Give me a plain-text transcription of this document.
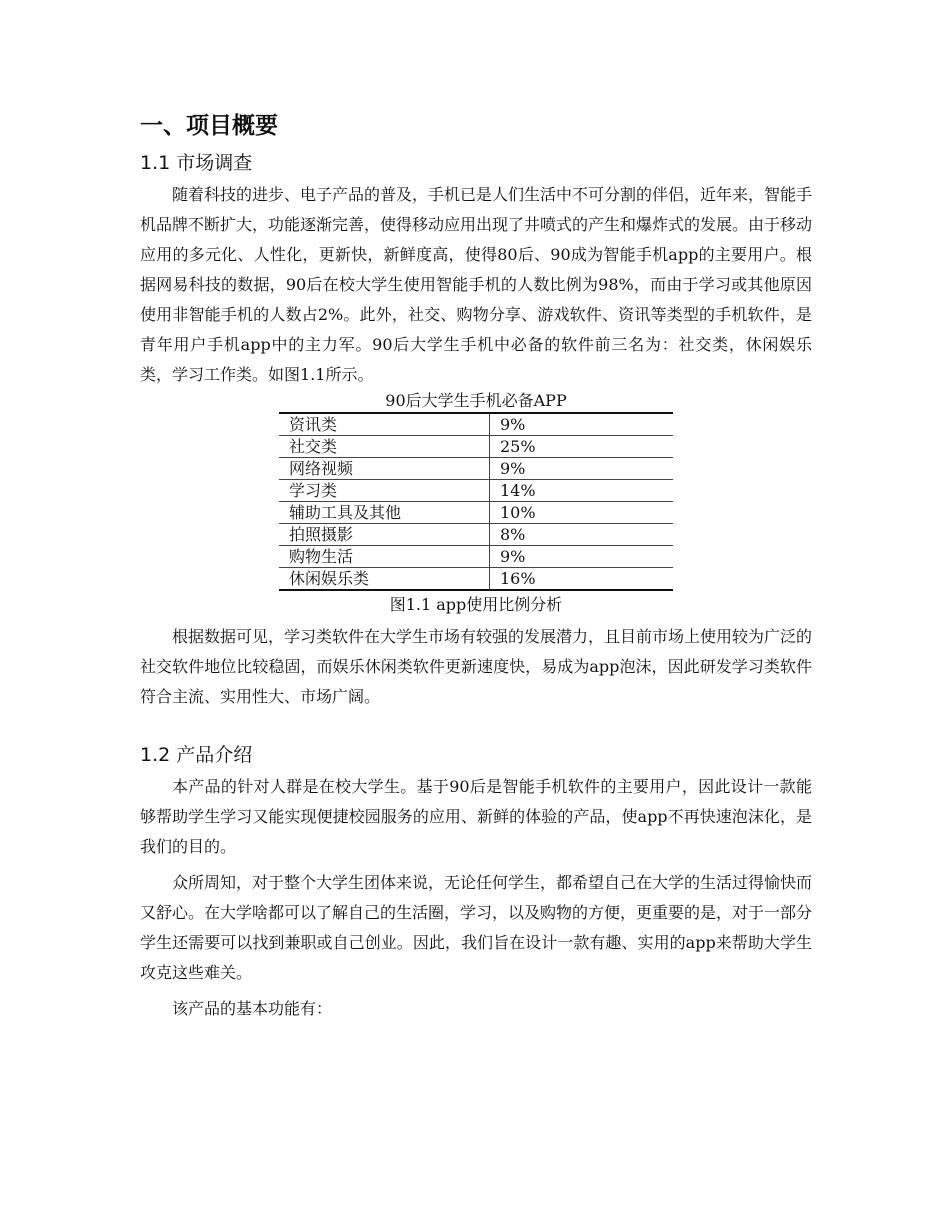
一、项目概要
1.1 市场调查

随着科技的进步、电子产品的普及，手机已是人们生活中不可分割的伴侣，近年来，智能手机品牌不断扩大，功能逐渐完善，使得移动应用出现了井喷式的产生和爆炸式的发展。由于移动应用的多元化、人性化，更新快，新鲜度高，使得80后、90成为智能手机app的主要用户。根据网易科技的数据，90后在校大学生使用智能手机的人数比例为98%，而由于学习或其他原因使用非智能手机的人数占2%。此外，社交、购物分享、游戏软件、资讯等类型的手机软件，是青年用户手机app中的主力军。90后大学生手机中必备的软件前三名为：社交类，休闲娱乐类，学习工作类。如图1.1所示。

90后大学生手机必备APP
资讯类	9%
社交类	25%
网络视频	9%
学习类	14%
辅助工具及其他	10%
拍照摄影	8%
购物生活	9%
休闲娱乐类	16%
图1.1 app使用比例分析

根据数据可见，学习类软件在大学生市场有较强的发展潜力，且目前市场上使用较为广泛的社交软件地位比较稳固，而娱乐休闲类软件更新速度快，易成为app泡沫，因此研发学习类软件符合主流、实用性大、市场广阔。

1.2 产品介绍

本产品的针对人群是在校大学生。基于90后是智能手机软件的主要用户，因此设计一款能够帮助学生学习又能实现便捷校园服务的应用、新鲜的体验的产品，使app不再快速泡沫化，是我们的目的。

众所周知，对于整个大学生团体来说，无论任何学生，都希望自己在大学的生活过得愉快而又舒心。在大学啥都可以了解自己的生活圈，学习，以及购物的方便，更重要的是，对于一部分学生还需要可以找到兼职或自己创业。因此，我们旨在设计一款有趣、实用的app来帮助大学生攻克这些难关。

该产品的基本功能有：
